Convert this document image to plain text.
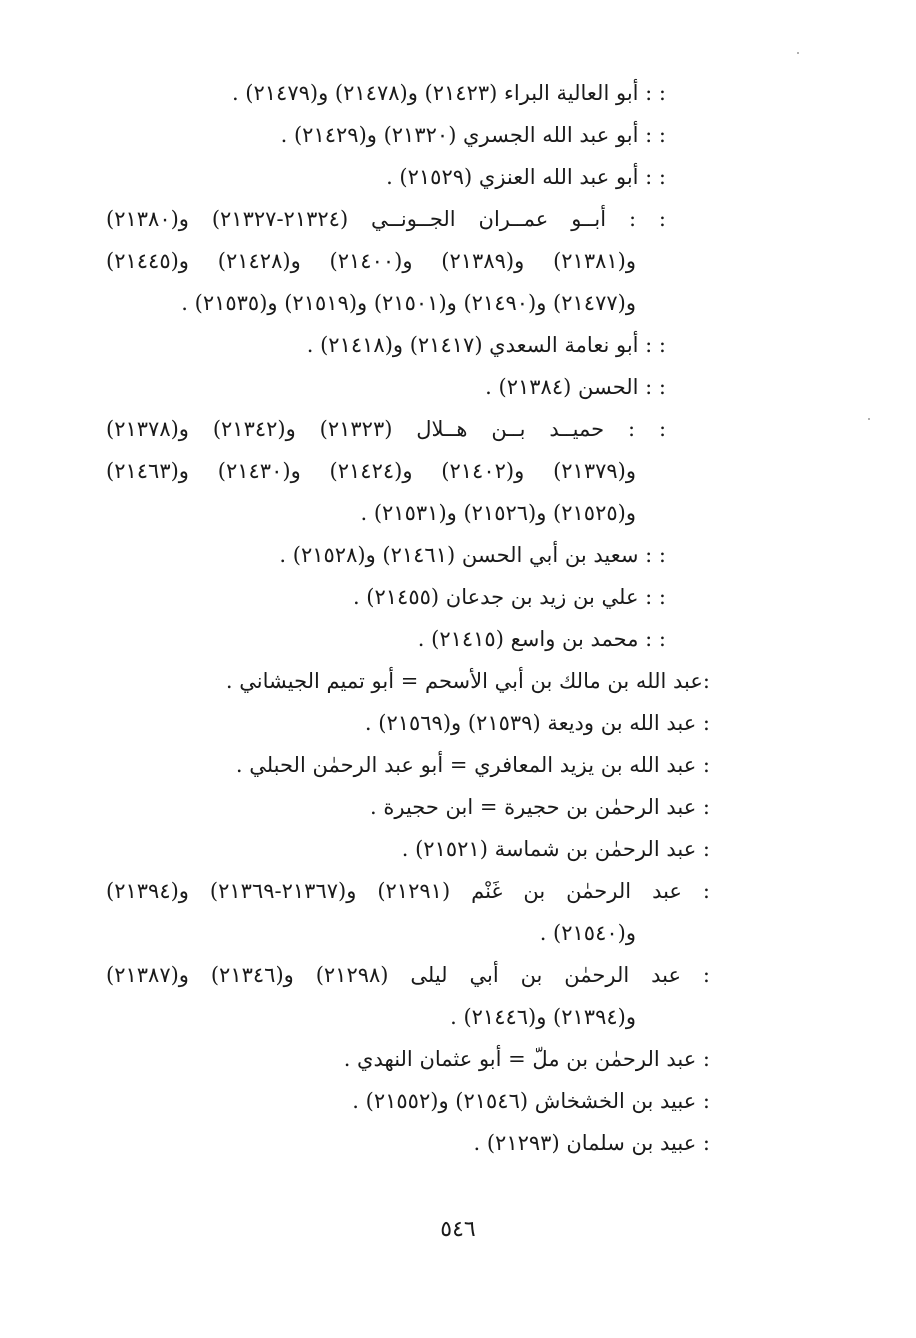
: : أبو العالية البراء (٢١٤٢٣) و(٢١٤٧٨) و(٢١٤٧٩) .
: : أبو عبد الله الجسري (٢١٣٢٠) و(٢١٤٢٩) .
: : أبو عبد الله العنزي (٢١٥٢٩) .
: : أبــو عمــران الجــونــي (٢١٣٢٤-٢١٣٢٧) و(٢١٣٨٠)
و(٢١٣٨١) و(٢١٣٨٩) و(٢١٤٠٠) و(٢١٤٢٨) و(٢١٤٤٥)
و(٢١٤٧٧) و(٢١٤٩٠) و(٢١٥٠١) و(٢١٥١٩) و(٢١٥٣٥) .
: : أبو نعامة السعدي (٢١٤١٧) و(٢١٤١٨) .
: : الحسن (٢١٣٨٤) .
: : حميــد بــن هــلال (٢١٣٢٣) و(٢١٣٤٢) و(٢١٣٧٨)
و(٢١٣٧٩) و(٢١٤٠٢) و(٢١٤٢٤) و(٢١٤٣٠) و(٢١٤٦٣)
و(٢١٥٢٥) و(٢١٥٢٦) و(٢١٥٣١) .
: : سعيد بن أبي الحسن (٢١٤٦١) و(٢١٥٢٨) .
: : علي بن زيد بن جدعان (٢١٤٥٥) .
: : محمد بن واسع (٢١٤١٥) .
:عبد الله بن مالك بن أبي الأسحم = أبو تميم الجيشاني .
: عبد الله بن وديعة (٢١٥٣٩) و(٢١٥٦٩) .
: عبد الله بن يزيد المعافري = أبو عبد الرحمٰن الحبلي .
: عبد الرحمٰن بن حجيرة = ابن حجيرة .
: عبد الرحمٰن بن شماسة (٢١٥٢١) .
: عبد الرحمٰن بن غَنْم (٢١٢٩١) و(٢١٣٦٧-٢١٣٦٩) و(٢١٣٩٤)
و(٢١٥٤٠) .
: عبد الرحمٰن بن أبي ليلى (٢١٢٩٨) و(٢١٣٤٦) و(٢١٣٨٧)
و(٢١٣٩٤) و(٢١٤٤٦) .
: عبد الرحمٰن بن ملّ = أبو عثمان النهدي .
: عبيد بن الخشخاش (٢١٥٤٦) و(٢١٥٥٢) .
: عبيد بن سلمان (٢١٢٩٣) .
٥٤٦
